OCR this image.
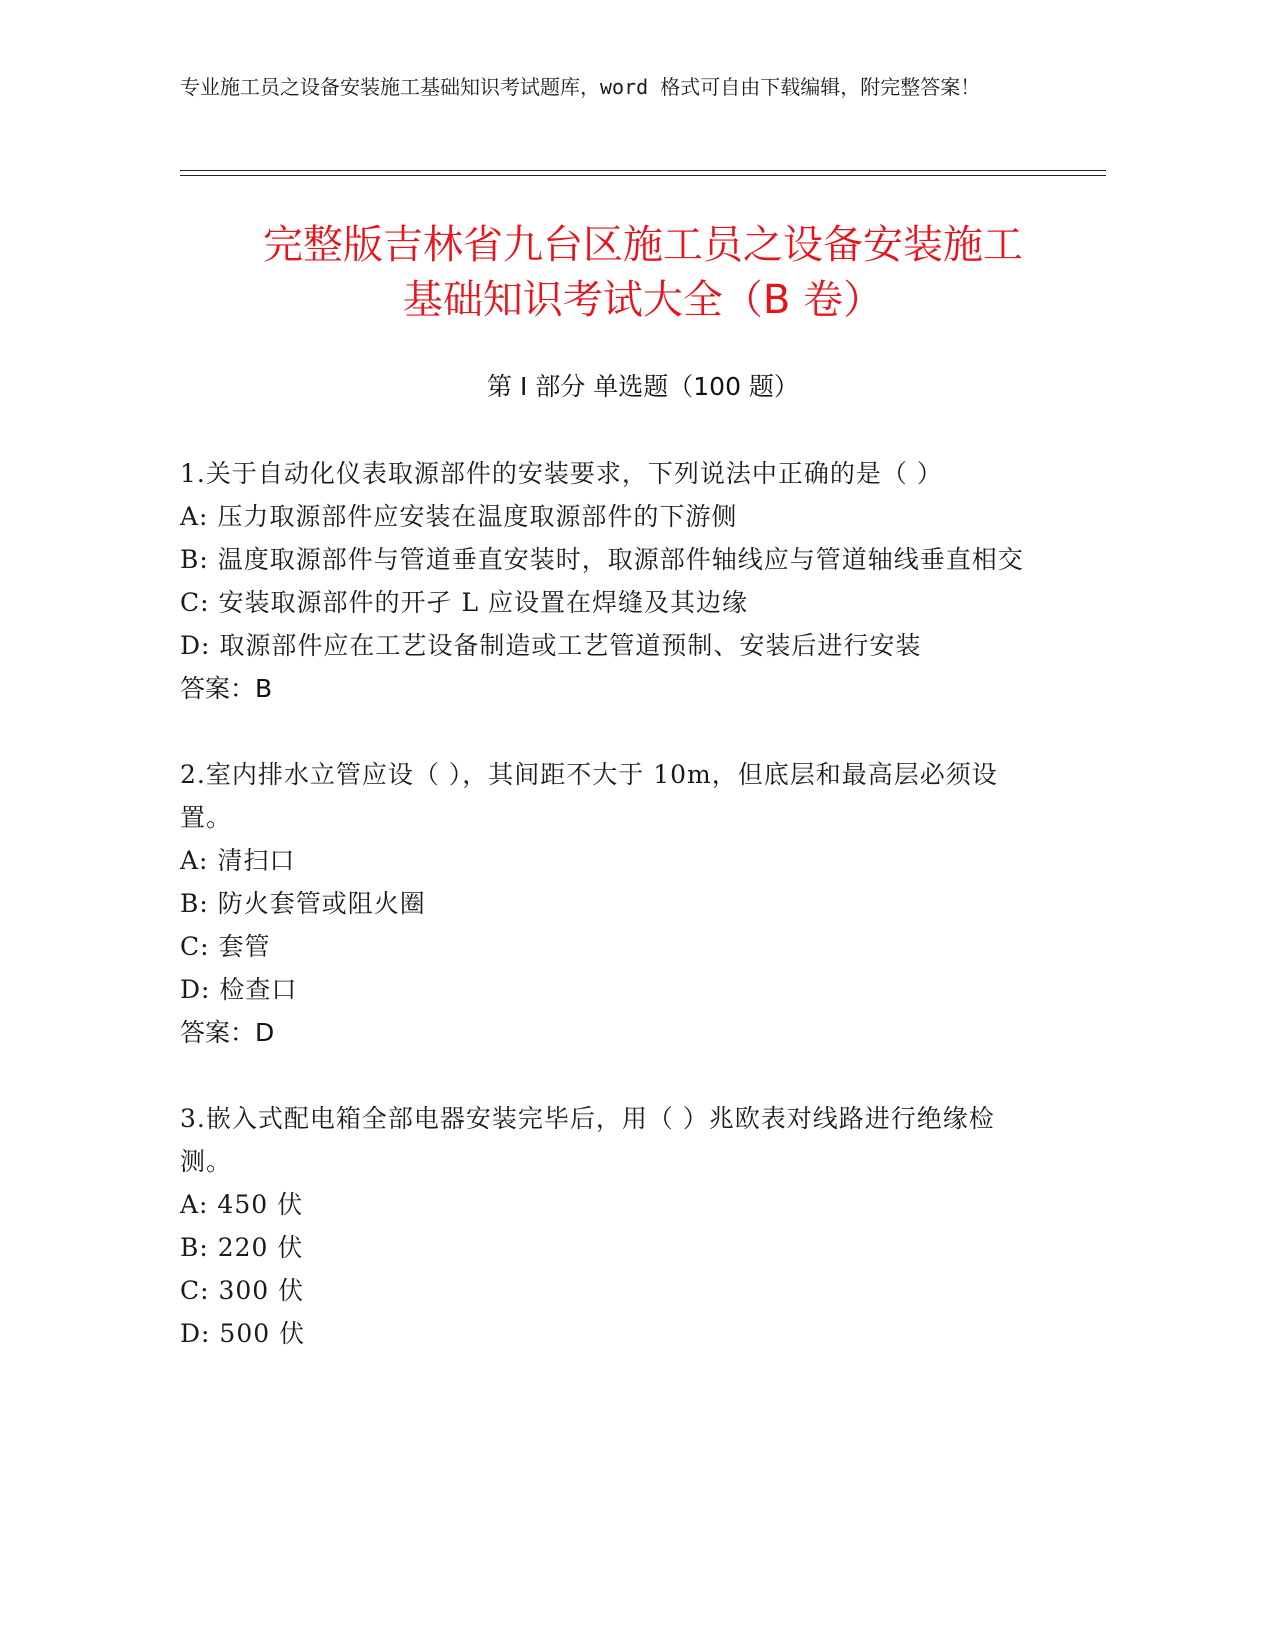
专业施工员之设备安装施工基础知识考试题库，word 格式可自由下载编辑，附完整答案！
完整版吉林省九台区施工员之设备安装施工
基础知识考试大全（B 卷）
第 I 部分 单选题（100 题）
1.关于自动化仪表取源部件的安装要求，下列说法中正确的是（ ）
A: 压力取源部件应安装在温度取源部件的下游侧
B: 温度取源部件与管道垂直安装时，取源部件轴线应与管道轴线垂直相交
C: 安装取源部件的开孑 L 应设置在焊缝及其边缘
D: 取源部件应在工艺设备制造或工艺管道预制、安装后进行安装
答案：B
2.室内排水立管应设（ ），其间距不大于 10m，但底层和最高层必须设置。
A: 清扫口
B: 防火套管或阻火圈
C: 套管
D: 检查口
答案：D
3.嵌入式配电箱全部电器安装完毕后，用（ ）兆欧表对线路进行绝缘检测。
A: 450 伏
B: 220 伏
C: 300 伏
D: 500 伏
